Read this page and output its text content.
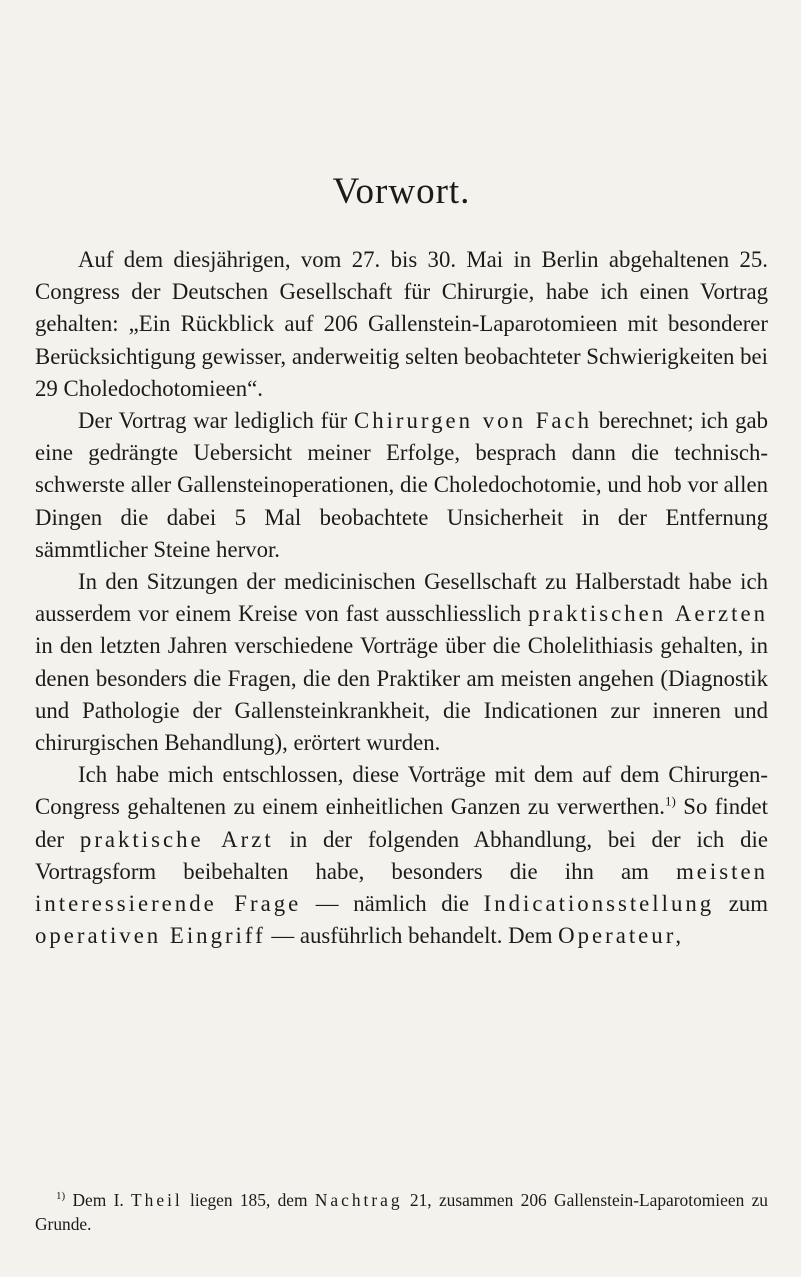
Vorwort.

Auf dem diesjährigen, vom 27. bis 30. Mai in Berlin abgehaltenen 25. Congress der Deutschen Gesellschaft für Chirurgie, habe ich einen Vortrag gehalten: „Ein Rückblick auf 206 Gallenstein-Laparotomieen mit besonderer Berücksichtigung gewisser, anderweitig selten beobachteter Schwierigkeiten bei 29 Choledochotomieen“.

Der Vortrag war lediglich für Chirurgen von Fach berechnet; ich gab eine gedrängte Uebersicht meiner Erfolge, besprach dann die technisch-schwerste aller Gallensteinoperationen, die Choledochotomie, und hob vor allen Dingen die dabei 5 Mal beobachtete Unsicherheit in der Entfernung sämmtlicher Steine hervor.

In den Sitzungen der medicinischen Gesellschaft zu Halberstadt habe ich ausserdem vor einem Kreise von fast ausschliesslich praktischen Aerzten in den letzten Jahren verschiedene Vorträge über die Cholelithiasis gehalten, in denen besonders die Fragen, die den Praktiker am meisten angehen (Diagnostik und Pathologie der Gallensteinkrankheit, die Indicationen zur inneren und chirurgischen Behandlung), erörtert wurden.

Ich habe mich entschlossen, diese Vorträge mit dem auf dem Chirurgen-Congress gehaltenen zu einem einheitlichen Ganzen zu verwerthen.$^{1)}$ So findet der praktische Arzt in der folgenden Abhandlung, bei der ich die Vortragsform beibehalten habe, besonders die ihn am meisten interessierende Frage — nämlich die Indicationsstellung zum operativen Eingriff — ausführlich behandelt. Dem Operateur,

$^{1)}$ Dem I. Theil liegen 185, dem Nachtrag 21, zusammen 206 Gallenstein-Laparotomieen zu Grunde.
